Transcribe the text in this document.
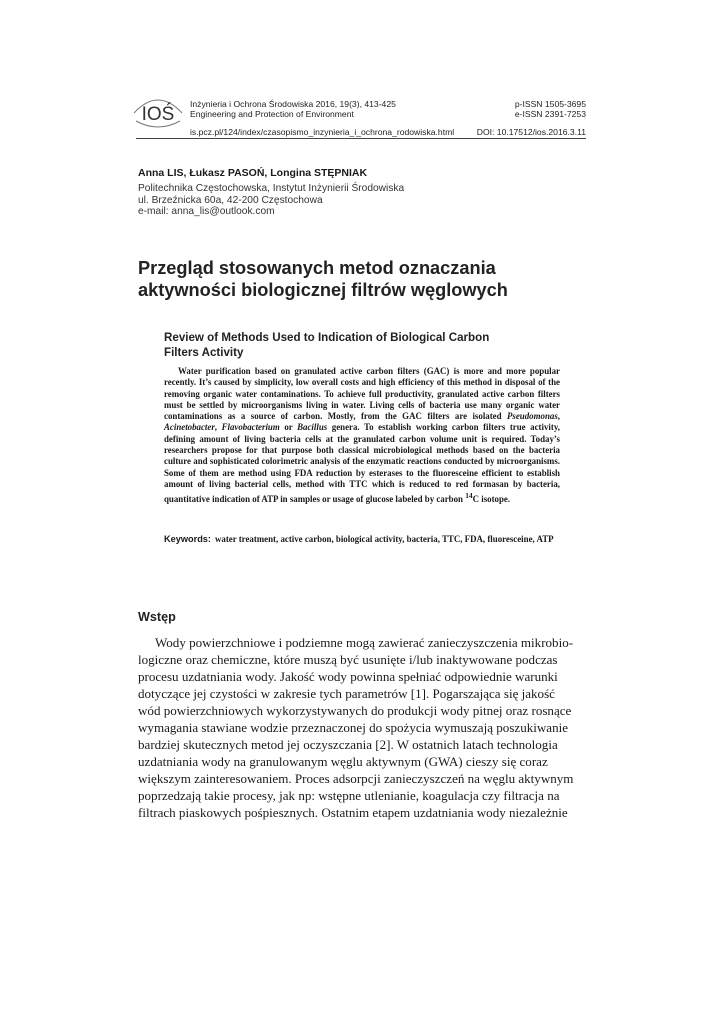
IOŚ Inżynieria i Ochrona Środowiska 2016, 19(3), 413-425
Engineering and Protection of Environment
p-ISSN 1505-3695
e-ISSN 2391-7253
is.pcz.pl/124/index/czasopismo_inzynieria_i_ochrona_rodowiska.html	DOI: 10.17512/ios.2016.3.11
Anna LIS, Łukasz PASOŃ, Longina STĘPNIAK
Politechnika Częstochowska, Instytut Inżynierii Środowiska
ul. Brzeźnicka 60a, 42-200 Częstochowa
e-mail: anna_lis@outlook.com
Przegląd stosowanych metod oznaczania
aktywności biologicznej filtrów węglowych
Review of Methods Used to Indication of Biological Carbon
Filters Activity
Water purification based on granulated active carbon filters (GAC) is more and more popular recently. It’s caused by simplicity, low overall costs and high efficiency of this method in disposal of the removing organic water contaminations. To achieve full productivity, granulated active carbon filters must be settled by microorganisms living in water. Living cells of bacteria use many organic water contaminations as a source of carbon. Mostly, from the GAC filters are isolated Pseudomonas, Acinetobacter, Flavobacterium or Bacillus genera. To establish working carbon filters true activity, defining amount of living bacteria cells at the granulated carbon volume unit is required. Today’s researchers propose for that purpose both classical microbiological methods based on the bacteria culture and sophisticated colorimetric analysis of the enzymatic reactions conducted by microorganisms. Some of them are method using FDA reduction by esterases to the fluoresceine efficient to establish amount of living bacterial cells, method with TTC which is reduced to red formasan by bacteria, quantitative indication of ATP in samples or usage of glucose labeled by carbon $^{14}$C isotope.
Keywords: water treatment, active carbon, biological activity, bacteria, TTC, FDA, fluoresceine, ATP
Wstęp
Wody powierzchniowe i podziemne mogą zawierać zanieczyszczenia mikrobio-
logiczne oraz chemiczne, które muszą być usunięte i/lub inaktywowane podczas
procesu uzdatniania wody. Jakość wody powinna spełniać odpowiednie warunki
dotyczące jej czystości w zakresie tych parametrów [1]. Pogarszająca się jakość
wód powierzchniowych wykorzystywanych do produkcji wody pitnej oraz rosnące
wymagania stawiane wodzie przeznaczonej do spożycia wymuszają poszukiwanie
bardziej skutecznych metod jej oczyszczania [2]. W ostatnich latach technologia
uzdatniania wody na granulowanym węglu aktywnym (GWA) cieszy się coraz
większym zainteresowaniem. Proces adsorpcji zanieczyszczeń na węglu aktywnym
poprzedzają takie procesy, jak np: wstępne utlenianie, koagulacja czy filtracja na
filtrach piaskowych pośpiesznych. Ostatnim etapem uzdatniania wody niezależnie
